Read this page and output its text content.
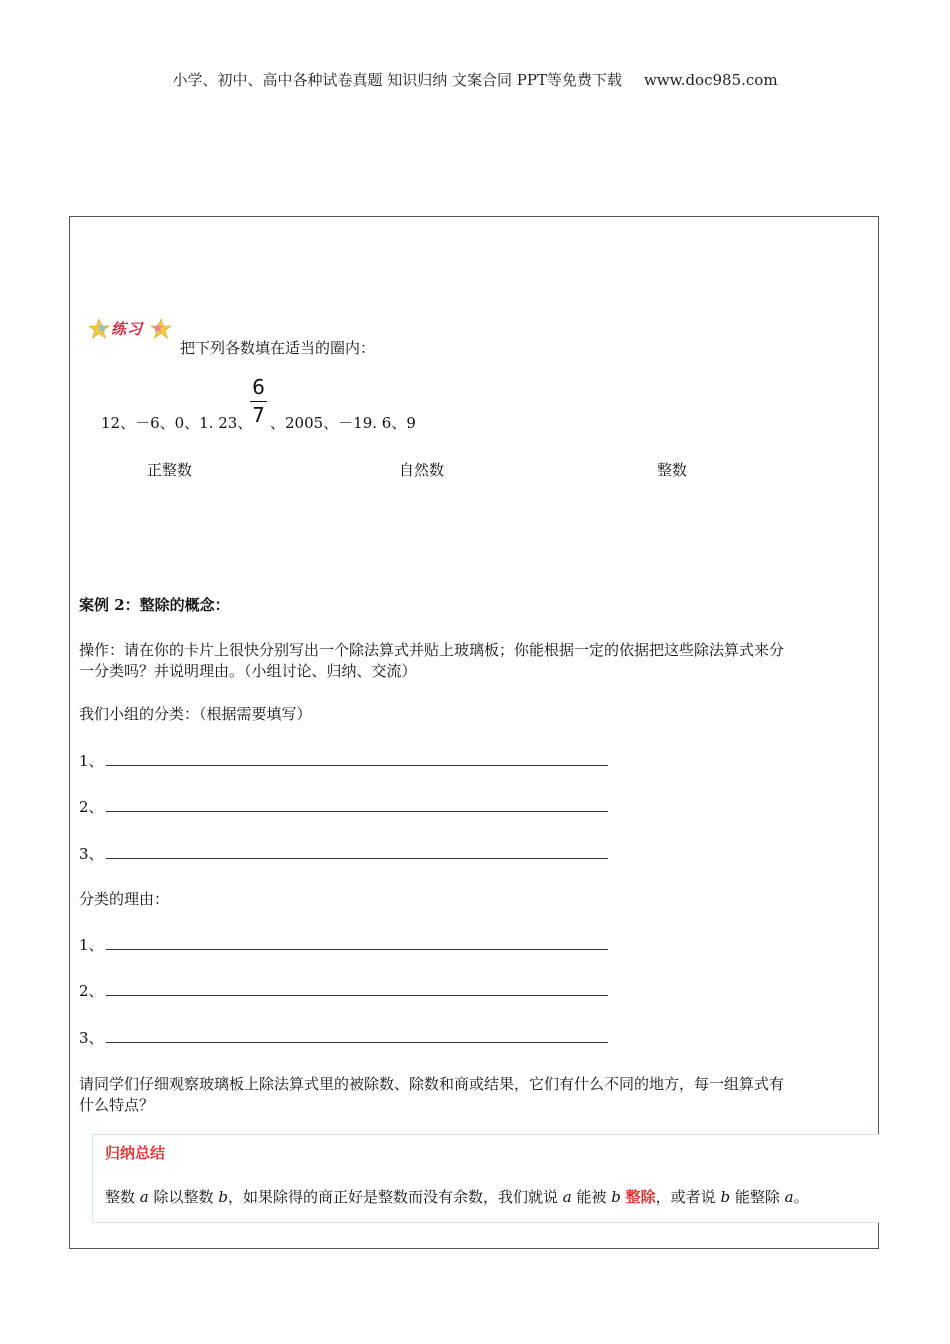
小学、初中、高中各种试卷真题 知识归纳 文案合同 PPT等免费下载 www.doc985.com
练习
把下列各数填在适当的圈内：
12、－6、0、1. 23、
6
7 、2005、－19. 6、9
正整数	自然数	整数
案例 2：整除的概念：
操作：请在你的卡片上很快分别写出一个除法算式并贴上玻璃板；你能根据一定的依据把这些除法算式来分
一分类吗？并说明理由。（小组讨论、归纳、交流）
我们小组的分类：（根据需要填写）
1、
2、
3、
分类的理由：
1、
2、
3、
请同学们仔细观察玻璃板上除法算式里的被除数、除数和商或结果，它们有什么不同的地方，每一组算式有
什么特点？
归纳总结
整数 a 除以整数 b，如果除得的商正好是整数而没有余数，我们就说 a 能被 b 整除，或者说 b 能整除 a。
